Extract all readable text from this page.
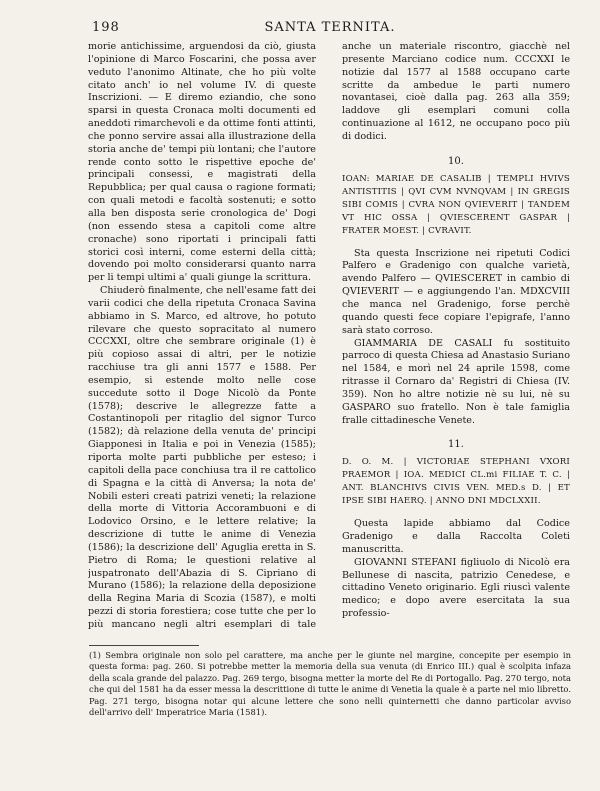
198	SANTA TERNITA.

morie antichissime, arguendosi da ciò, giusta l'opinione di Marco Foscarini, che possa aver veduto l'anonimo Altinate, che ho più volte citato anch' io nel volume IV. di queste Inscrizioni. — E diremo eziandio, che sono sparsi in questa Cronaca molti documenti ed aneddoti rimarchevoli e da ottime fonti attinti, che ponno servire assai alla illustrazione della storia anche de' tempi più lontani; che l'autore rende conto sotto le rispettive epoche de' principali consessi, e magistrati della Repubblica; per qual causa o ragione formati; con quali metodi e facoltà sostenuti; e sotto alla ben disposta serie cronologica de' Dogi (non essendo stesa a capitoli come altre cronache) sono riportati i principali fatti storici così interni, come esterni della città; dovendo poi molto considerarsi quanto narra per li tempi ultimi a' quali giunge la scrittura.

Chiuderò finalmente, che nell'esame fatt dei varii codici che della ripetuta Cronaca Savina abbiamo in S. Marco, ed altrove, ho potuto rilevare che questo sopracitato al numero CCCXXI, oltre che sembrare originale (1) è più copioso assai di altri, per le notizie racchiuse tra gli anni 1577 e 1588. Per esempio, si estende molto nelle cose succedute sotto il Doge Nicolò da Ponte (1578); descrive le allegrezze fatte a Costantinopoli per ritaglio del signor Turco (1582); dà relazione della venuta de' principi Giapponesi in Italia e poi in Venezia (1585); riporta molte parti pubbliche per esteso; i capitoli della pace conchiusa tra il re cattolico di Spagna e la città di Anversa; la nota de' Nobili esteri creati patrizi veneti; la relazione della morte di Vittoria Accorambuoni e di Lodovico Orsino, e le lettere relative; la descrizione di tutte le anime di Venezia (1586); la descrizione dell' Aguglia eretta in S. Pietro di Roma; le questioni relative al juspatronato dell'Abazia di S. Cipriano di Murano (1586); la relazione della deposizione della Regina Maria di Scozia (1587), e molti pezzi di storia forestiera; cose tutte che per lo più mancano negli altri esemplari di tale

anche un materiale riscontro, giacchè nel presente Marciano codice num. CCCXXI le notizie dal 1577 al 1588 occupano carte scritte da ambedue le parti numero novantasei, cioè dalla pag. 263 alla 359; laddove gli esemplari comuni colla continuazione al 1612, ne occupano poco più di dodici.

10.

IOAN: MARIAE DE CASALIB | TEMPLI HVIVS ANTISTITIS | QVI CVM NVNQVAM | IN GREGIS SIBI COMIS | CVRA NON QVIEVERIT | TANDEM VT HIC OSSA | QVIESCERENT GASPAR | FRATER MOEST. | CVRAVIT.

Sta questa Inscrizione nei ripetuti Codici Palfero e Gradenigo con qualche varietà, avendo Palfero — QVIESCERET in cambio di QVIEVERIT — e aggiungendo l'an. MDXCVIII che manca nel Gradenigo, forse perchè quando questi fece copiare l'epigrafe, l'anno sarà stato corroso.

GIAMMARIA DE CASALI fu sostituito parroco di questa Chiesa ad Anastasio Suriano nel 1584, e morì nel 24 aprile 1598, come ritrasse il Cornaro da' Registri di Chiesa (IV. 359). Non ho altre notizie nè su lui, nè su GASPARO suo fratello. Non è tale famiglia fralle cittadinesche Venete.

11.

D. O. M. | VICTORIAE STEPHANI VXORI PRAEMOR | IOA. MEDICI CL.mi FILIAE T. C. | ANT. BLANCHIVS CIVIS VEN. MED.s D. | ET IPSE SIBI HAERQ. | ANNO DNI MDCLXXII.

Questa lapide abbiamo dal Codice Gradenigo e dalla Raccolta Coleti manuscritta.

GIOVANNI STEFANI figliuolo di Nicolò era Bellunese di nascita, patrizio Cenedese, e cittadino Veneto originario. Egli riuscì valente medico; e dopo avere esercitata la sua professio-

(1) Sembra originale non solo pel carattere, ma anche per le giunte nel margine, concepite per esempio in questa forma: pag. 260. Si potrebbe metter la memoria della sua venuta (di Enrico III.) qual è scolpita infaza della scala grande del palazzo. Pag. 269 tergo, bisogna metter la morte del Re di Portogallo. Pag. 270 tergo, nota che qui del 1581 ha da esser messa la descrittione di tutte le anime di Venetia la quale è a parte nel mio libretto. Pag. 271 tergo, bisogna notar qui alcune lettere che sono nelli quinternetti che danno particolar avviso dell'arrivo dell' Imperatrice Maria (1581).
